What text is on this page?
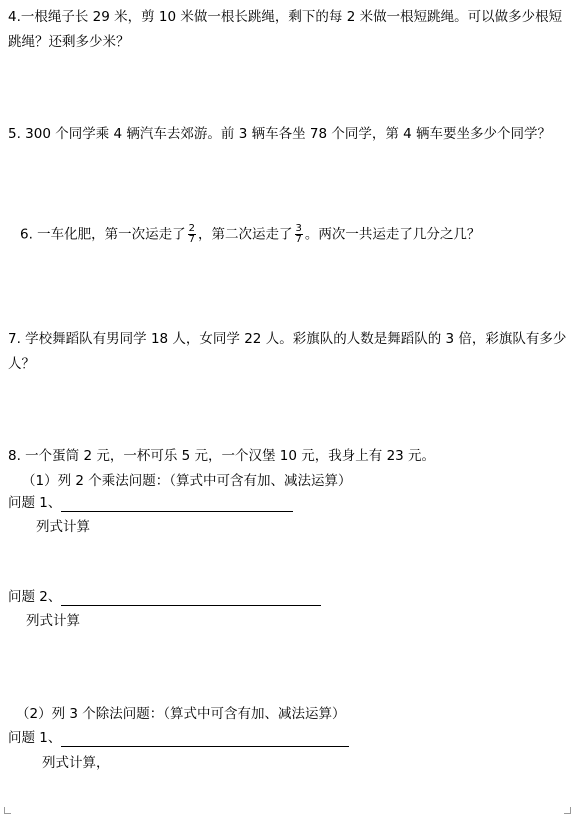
4.一根绳子长 29 米，剪 10 米做一根长跳绳，剩下的每 2 米做一根短跳绳。可以做多少根短
跳绳？还剩多少米？
5. 300 个同学乘 4 辆汽车去郊游。前 3 辆车各坐 78 个同学，第 4 辆车要坐多少个同学？
6. 一车化肥，第一次运走了 $\frac{2}{7}$ ，第二次运走了 $\frac{3}{7}$ 。两次一共运走了几分之几？
7. 学校舞蹈队有男同学 18 人，女同学 22 人。彩旗队的人数是舞蹈队的 3 倍，彩旗队有多少
人？
8. 一个蛋筒 2 元，一杯可乐 5 元，一个汉堡 10 元，我身上有 23 元。
（1）列 2 个乘法问题：（算式中可含有加、减法运算）
问题 1、
列式计算
问题 2、
列式计算
（2）列 3 个除法问题：（算式中可含有加、减法运算）
问题 1、
列式计算，
